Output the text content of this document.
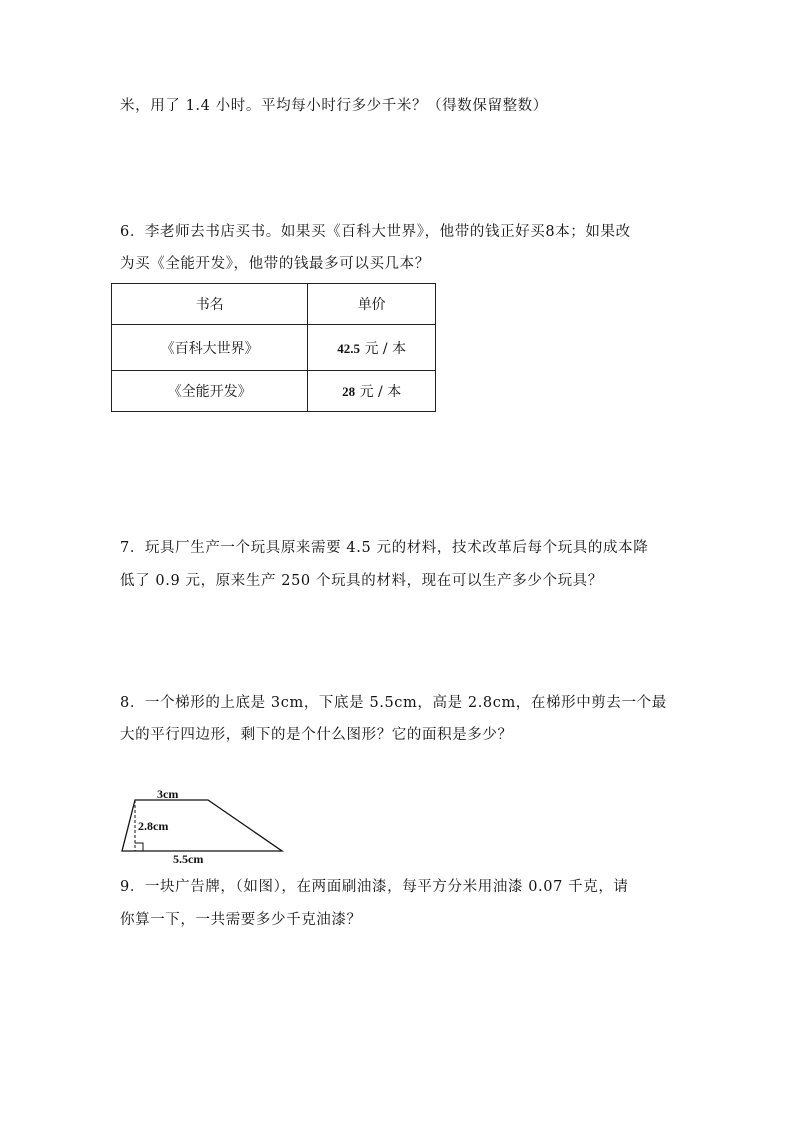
米，用了 1.4 小时。平均每小时行多少千米？（得数保留整数）
6．李老师去书店买书。如果买《百科大世界》，他带的钱正好买8本；如果改
为买《全能开发》，他带的钱最多可以买几本？
书名	单价
《百科大世界》	42.5 元 / 本
《全能开发》	28 元 / 本
7．玩具厂生产一个玩具原来需要 4.5 元的材料，技术改革后每个玩具的成本降
低了 0.9 元，原来生产 250 个玩具的材料，现在可以生产多少个玩具？
8．一个梯形的上底是 3cm，下底是 5.5cm，高是 2.8cm，在梯形中剪去一个最
大的平行四边形，剩下的是个什么图形？它的面积是多少？
3cm
2.8cm
5.5cm
9．一块广告牌，（如图），在两面刷油漆，每平方分米用油漆 0.07 千克，请
你算一下，一共需要多少千克油漆？
